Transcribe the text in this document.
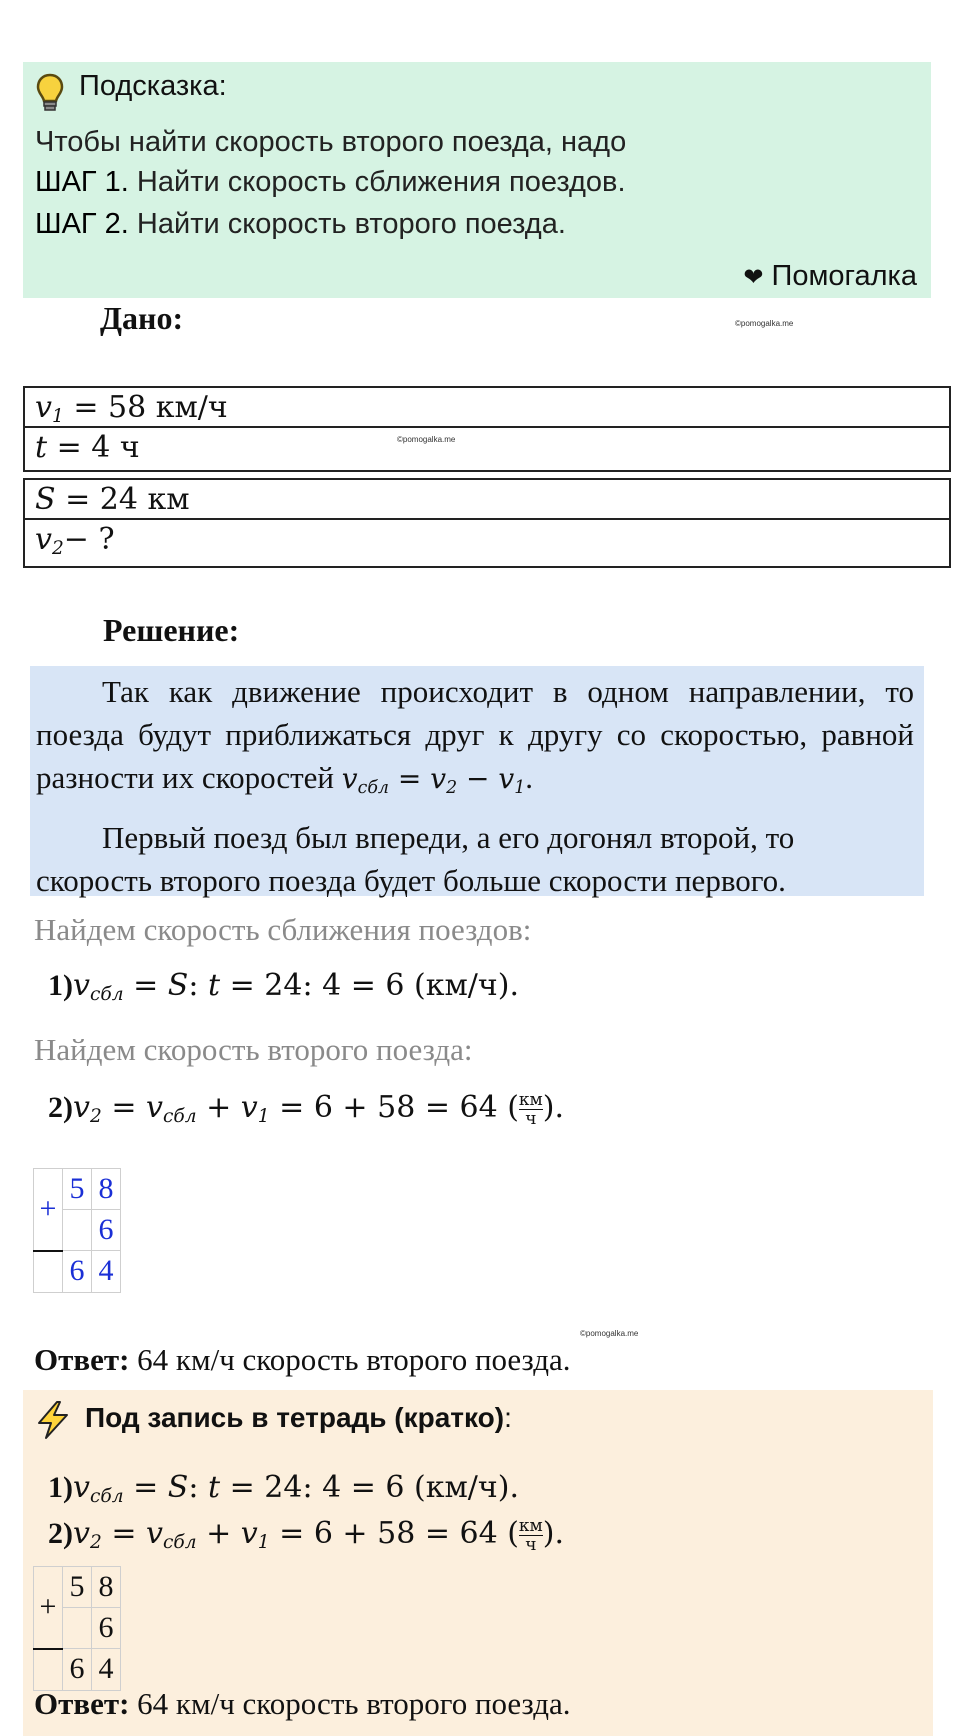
Подсказка:
Чтобы найти скорость второго поезда, надо
ШАГ 1. Найти скорость сближения поездов.
ШАГ 2. Найти скорость второго поезда.
❤ Помогалка
Дано:	©pomogalka.me
$v_1 = 58$ км/ч
t = 4 ч	©pomogalka.me
S = 24 км
$v_2-$ ?
Решение:
Так как движение происходит в одном направлении, то поезда будут приближаться друг к другу со скоростью, равной разности их скоростей $v_{сбл} = v_2 - v_1$.
Первый поезд был впереди, а его догонял второй, то скорость второго поезда будет больше скорости первого.
Найдем скорость сближения поездов:
$1)v_{сбл} = S$: t = 24: 4 = 6 (км/ч).
Найдем скорость второго поезда:
$2)v_2 = v_{сбл} + v_1 = 6 + 58 = 64$ ( км
ч ).
+	5	8
		6
	6	4
©pomogalka.me
Ответ: 64 км/ч скорость второго поезда.
Под запись в тетрадь (кратко):
$1)v_{сбл} = S$: t = 24: 4 = 6 (км/ч).
$2)v_2 = v_{сбл} + v_1 = 6 + 58 = 64$ ( км
ч ).
+	5	8
		6
	6	4
Ответ: 64 км/ч скорость второго поезда.
